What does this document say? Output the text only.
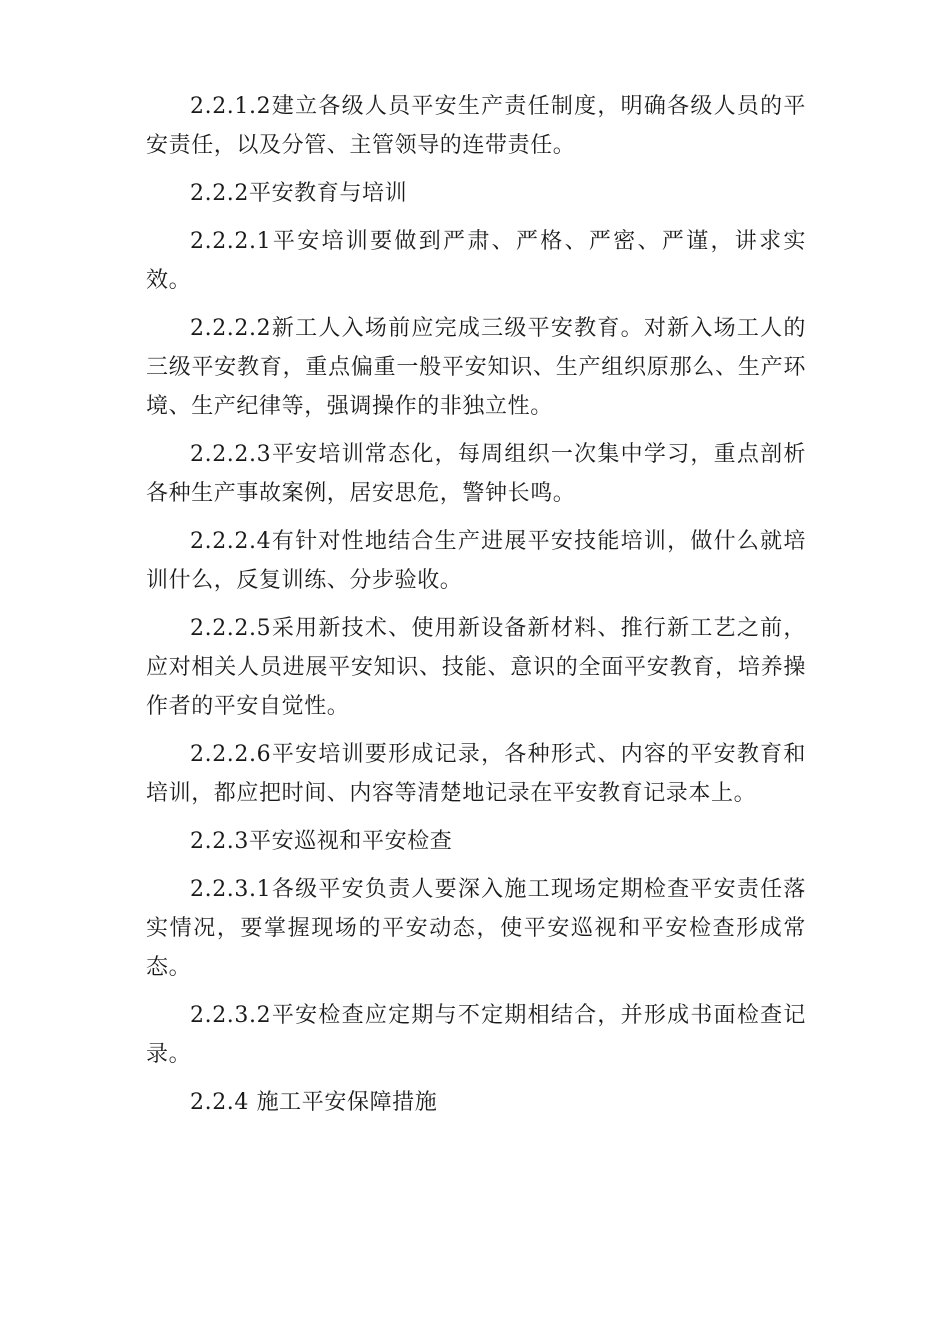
2.2.1.2建立各级人员平安生产责任制度，明确各级人员的平安责任，以及分管、主管领导的连带责任。

2.2.2平安教育与培训

2.2.2.1平安培训要做到严肃、严格、严密、严谨，讲求实效。

2.2.2.2新工人入场前应完成三级平安教育。对新入场工人的三级平安教育，重点偏重一般平安知识、生产组织原那么、生产环境、生产纪律等，强调操作的非独立性。

2.2.2.3平安培训常态化，每周组织一次集中学习，重点剖析各种生产事故案例，居安思危，警钟长鸣。

2.2.2.4有针对性地结合生产进展平安技能培训，做什么就培训什么，反复训练、分步验收。

2.2.2.5采用新技术、使用新设备新材料、推行新工艺之前，应对相关人员进展平安知识、技能、意识的全面平安教育，培养操作者的平安自觉性。

2.2.2.6平安培训要形成记录，各种形式、内容的平安教育和培训，都应把时间、内容等清楚地记录在平安教育记录本上。

2.2.3平安巡视和平安检查

2.2.3.1各级平安负责人要深入施工现场定期检查平安责任落实情况，要掌握现场的平安动态，使平安巡视和平安检查形成常态。

2.2.3.2平安检查应定期与不定期相结合，并形成书面检查记录。

2.2.4 施工平安保障措施
